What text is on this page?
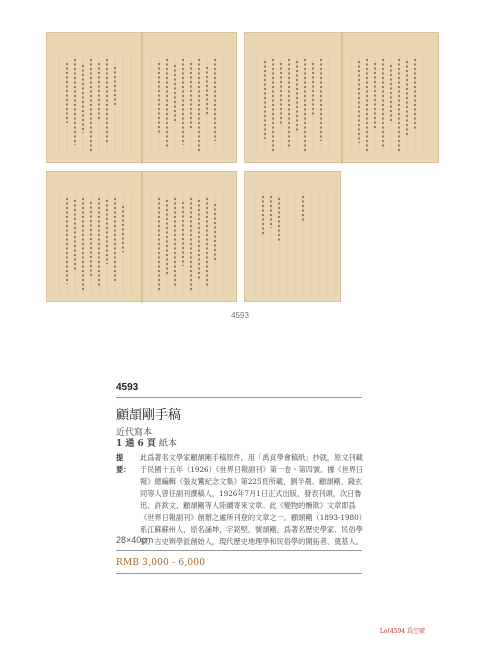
4593
4593
顧頡剛手稿
近代寫本
1 通 6 頁 紙本
提 要：
此爲著名文學家顧頡剛手稿原件，用「禹貢學會稿紙」抄就，原文刊載于民國十五年（1926）《世界日報副刊》第一卷・第四號。據《世界日報》總編輯《張友鸞紀念文集》第225頁所載，劉半農、顧頡剛、錢玄同等人曾任副刊撰稿人，1926年7月1日正式出版，發表刊頭，次日魯迅、許欽文、顧頡剛等人陸續寄來文章。此《變物的慚欺》文章即爲《世界日報副刊》創辦之處所刊登的文章之一。顧頡剛（1893-1980）系江蘇蘇州人，原名誦坤，字銘堅，號頡剛。爲著名歷史學家、民俗學家、古史辨學派創始人，現代歷史地理學和民俗學的開拓者、奠基人。
28×40cm
RMB 3,000 - 6,000
Lot4594 爲空號
